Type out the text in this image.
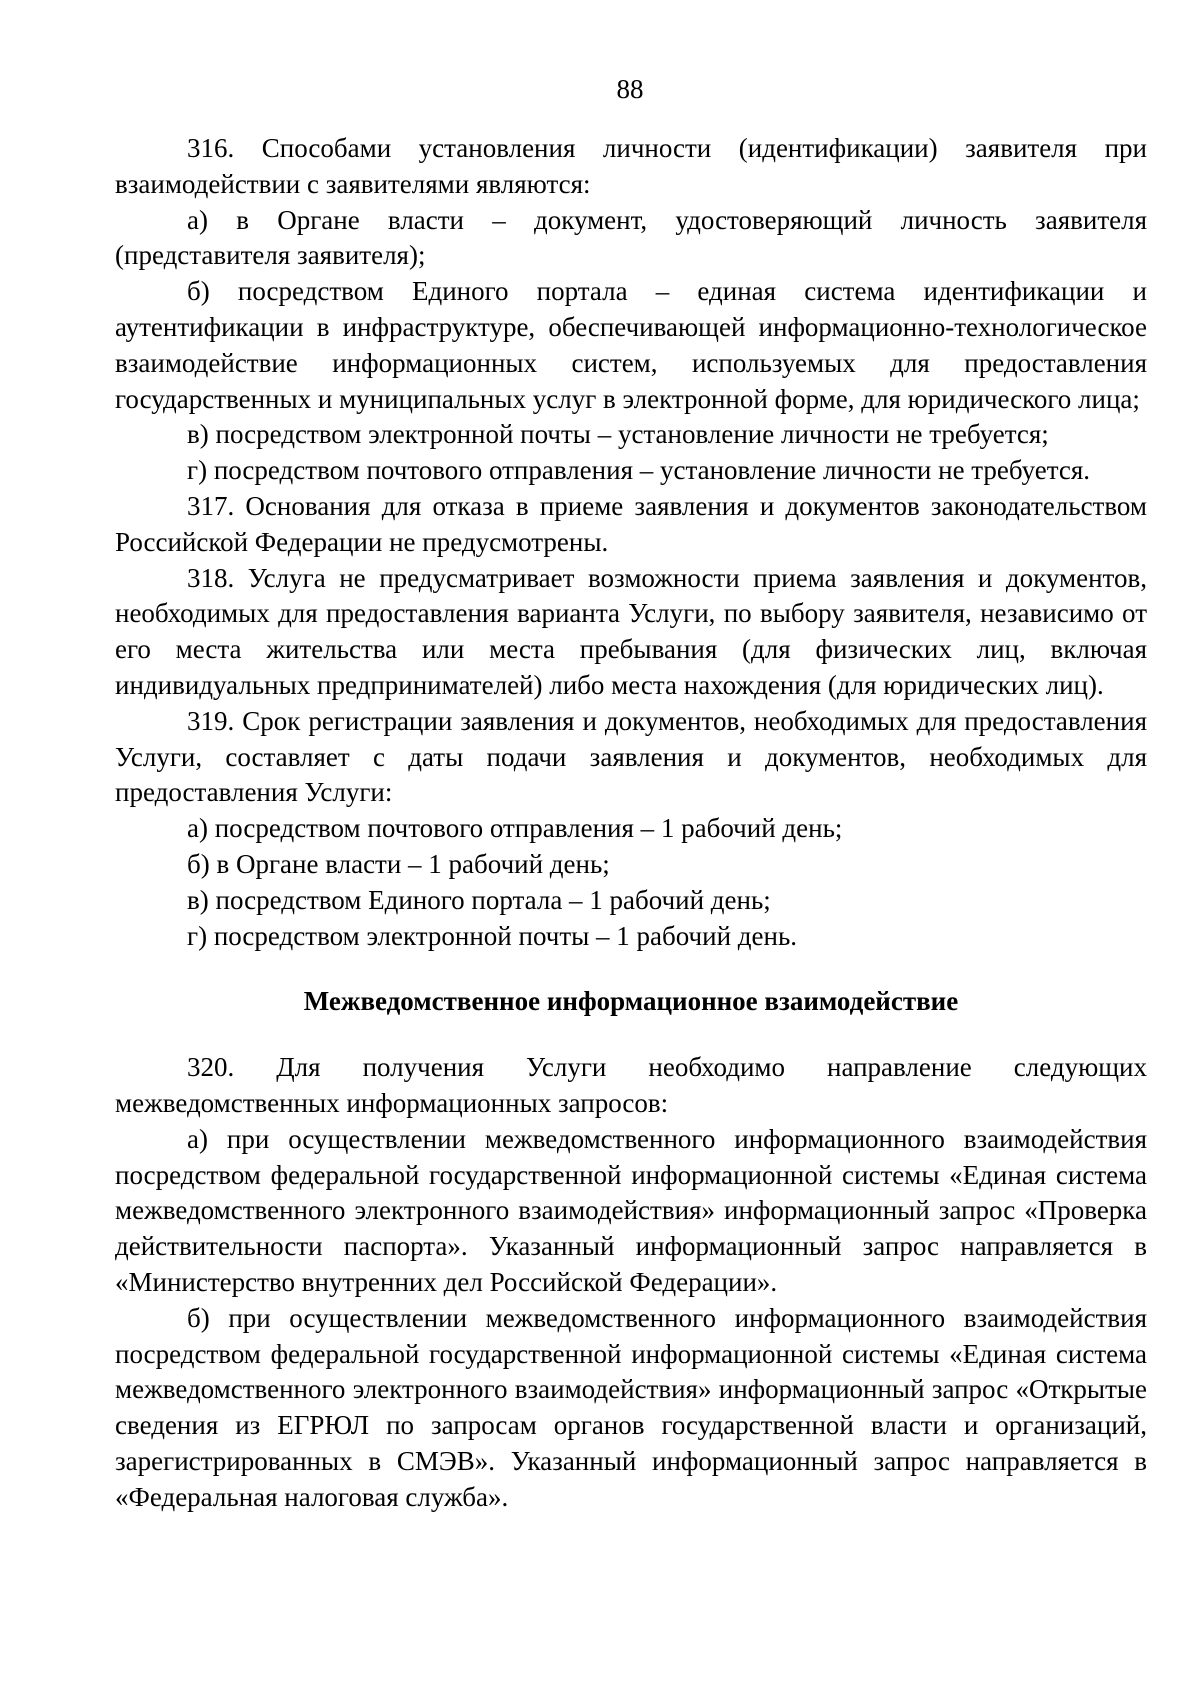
88

316. Способами установления личности (идентификации) заявителя при взаимодействии с заявителями являются:

а) в Органе власти – документ, удостоверяющий личность заявителя (представителя заявителя);

б) посредством Единого портала – единая система идентификации и аутентификации в инфраструктуре, обеспечивающей информационно-технологическое взаимодействие информационных систем, используемых для предоставления государственных и муниципальных услуг в электронной форме, для юридического лица;

в) посредством электронной почты – установление личности не требуется;

г) посредством почтового отправления – установление личности не требуется.

317. Основания для отказа в приеме заявления и документов законодательством Российской Федерации не предусмотрены.

318. Услуга не предусматривает возможности приема заявления и документов, необходимых для предоставления варианта Услуги, по выбору заявителя, независимо от его места жительства или места пребывания (для физических лиц, включая индивидуальных предпринимателей) либо места нахождения (для юридических лиц).

319. Срок регистрации заявления и документов, необходимых для предоставления Услуги, составляет с даты подачи заявления и документов, необходимых для предоставления Услуги:

а) посредством почтового отправления – 1 рабочий день;

б) в Органе власти – 1 рабочий день;

в) посредством Единого портала – 1 рабочий день;

г) посредством электронной почты – 1 рабочий день.

Межведомственное информационное взаимодействие

320. Для получения Услуги необходимо направление следующих межведомственных информационных запросов:

а) при осуществлении межведомственного информационного взаимодействия посредством федеральной государственной информационной системы «Единая система межведомственного электронного взаимодействия» информационный запрос «Проверка действительности паспорта». Указанный информационный запрос направляется в «Министерство внутренних дел Российской Федерации».

б) при осуществлении межведомственного информационного взаимодействия посредством федеральной государственной информационной системы «Единая система межведомственного электронного взаимодействия» информационный запрос «Открытые сведения из ЕГРЮЛ по запросам органов государственной власти и организаций, зарегистрированных в СМЭВ». Указанный информационный запрос направляется в «Федеральная налоговая служба».
